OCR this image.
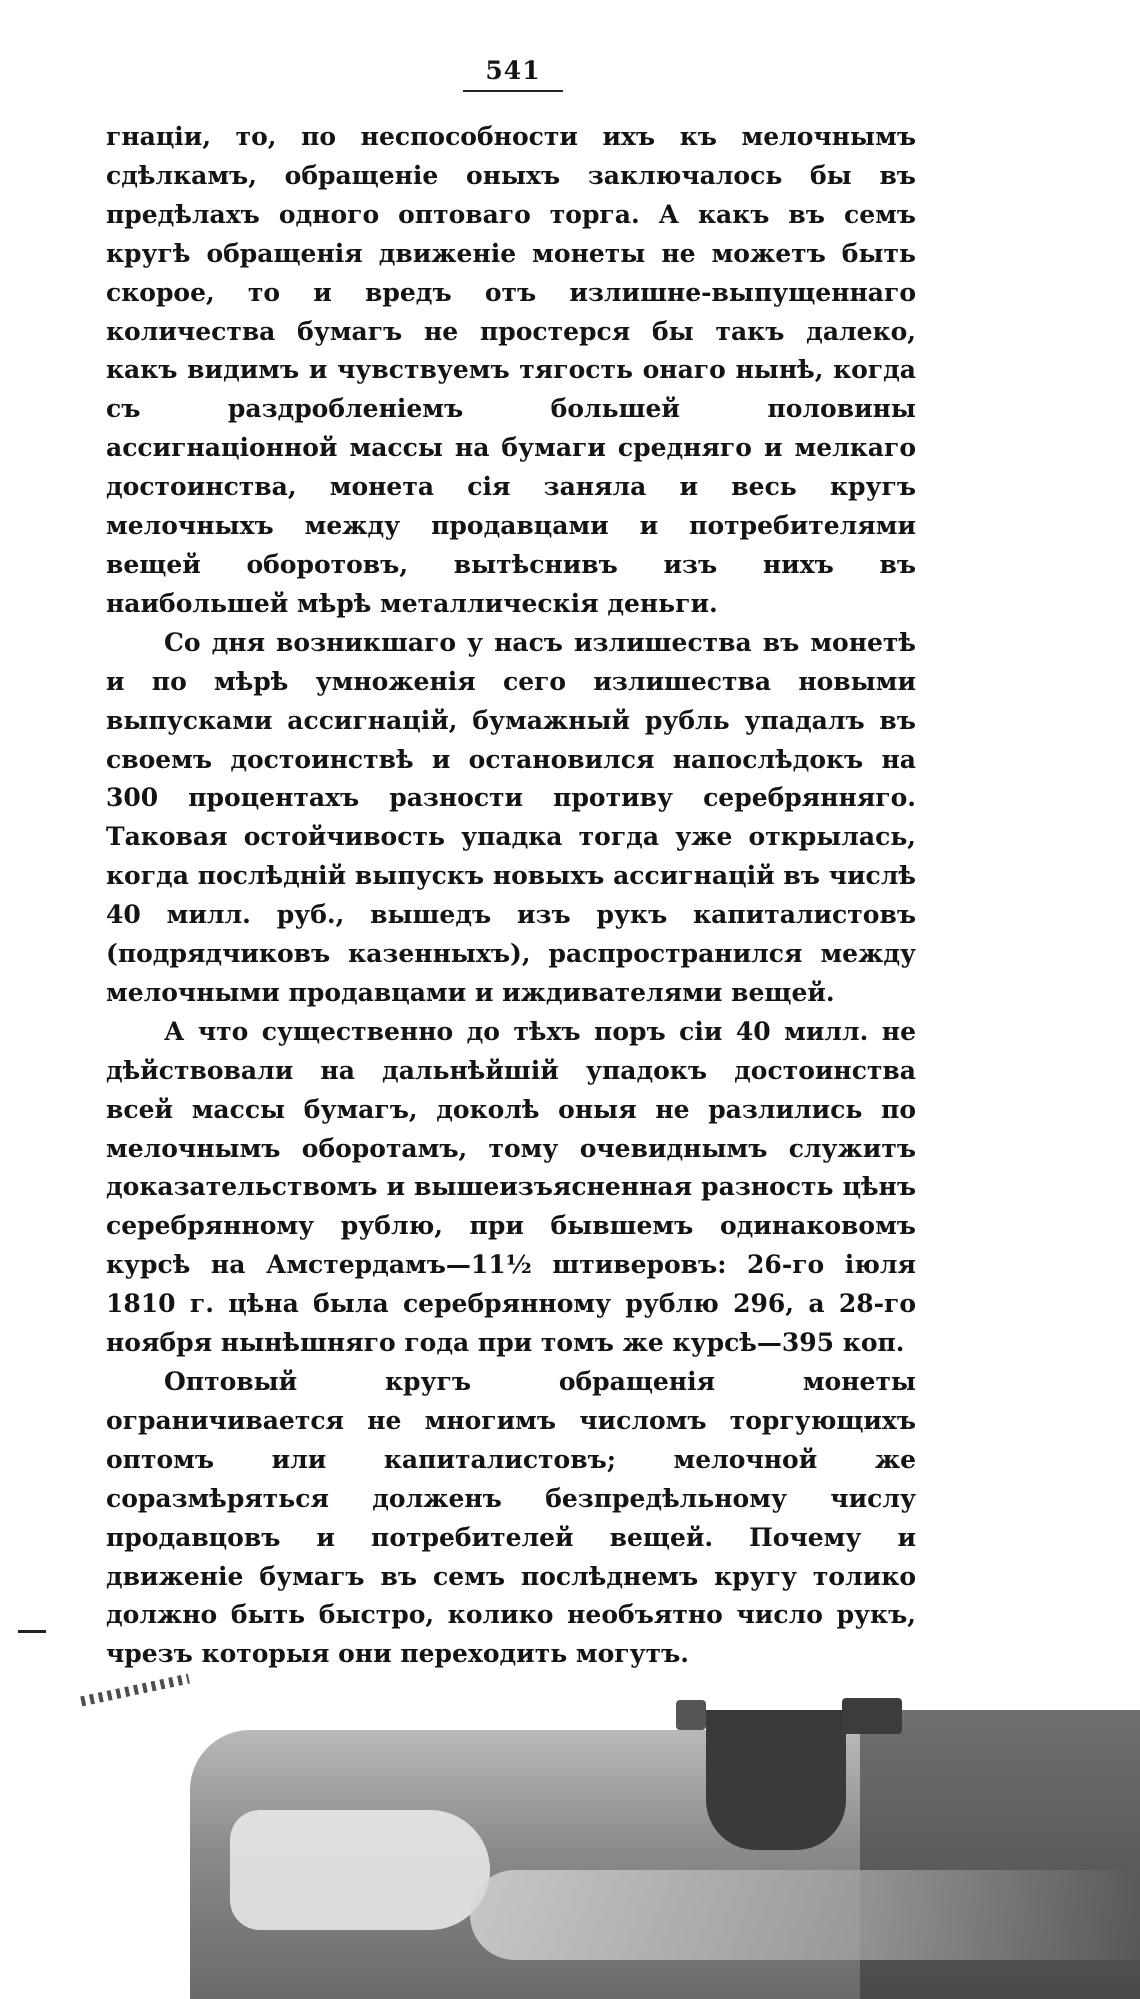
541

гнаціи, то, по неспособности ихъ къ мелочнымъ сдѣлкамъ, обращеніе оныхъ заключалось бы въ предѣлахъ одного оптоваго торга. А какъ въ семъ кругѣ обращенія движеніе монеты не можетъ быть скорое, то и вредъ отъ излишне-выпущеннаго количества бумагъ не простерся бы такъ далеко, какъ видимъ и чувствуемъ тягость онаго нынѣ, когда съ раздробленіемъ большей половины ассигнаціонной массы на бумаги средняго и мелкаго достоинства, монета сія заняла и весь кругъ мелочныхъ между продавцами и потребителями вещей оборотовъ, вытѣснивъ изъ нихъ въ наибольшей мѣрѣ металлическія деньги.

Со дня возникшаго у насъ излишества въ монетѣ и по мѣрѣ умноженія сего излишества новыми выпусками ассигнацій, бумажный рубль упадалъ въ своемъ достоинствѣ и остановился напослѣдокъ на 300 процентахъ разности противу серебрянняго. Таковая остойчивость упадка тогда уже открылась, когда послѣдній выпускъ новыхъ ассигнацій въ числѣ 40 милл. руб., вышедъ изъ рукъ капиталистовъ (подрядчиковъ казенныхъ), распространился между мелочными продавцами и иждивателями вещей.

А что существенно до тѣхъ поръ сіи 40 милл. не дѣйствовали на дальнѣйшій упадокъ достоинства всей массы бумагъ, доколѣ оныя не разлились по мелочнымъ оборотамъ, тому очевиднымъ служитъ доказательствомъ и вышеизъясненная разность цѣнъ серебрянному рублю, при бывшемъ одинаковомъ курсѣ на Амстердамъ—11½ штиверовъ: 26-го іюля 1810 г. цѣна была серебрянному рублю 296, а 28-го ноября нынѣшняго года при томъ же курсѣ—395 коп.

Оптовый кругъ обращенія монеты ограничивается не многимъ числомъ торгующихъ оптомъ или капиталистовъ; мелочной же соразмѣряться долженъ безпредѣльному числу продавцовъ и потребителей вещей. Почему и движеніе бумагъ въ семъ послѣднемъ кругу толико должно быть быстро, колико необъятно число рукъ, чрезъ которыя они переходить могутъ.
